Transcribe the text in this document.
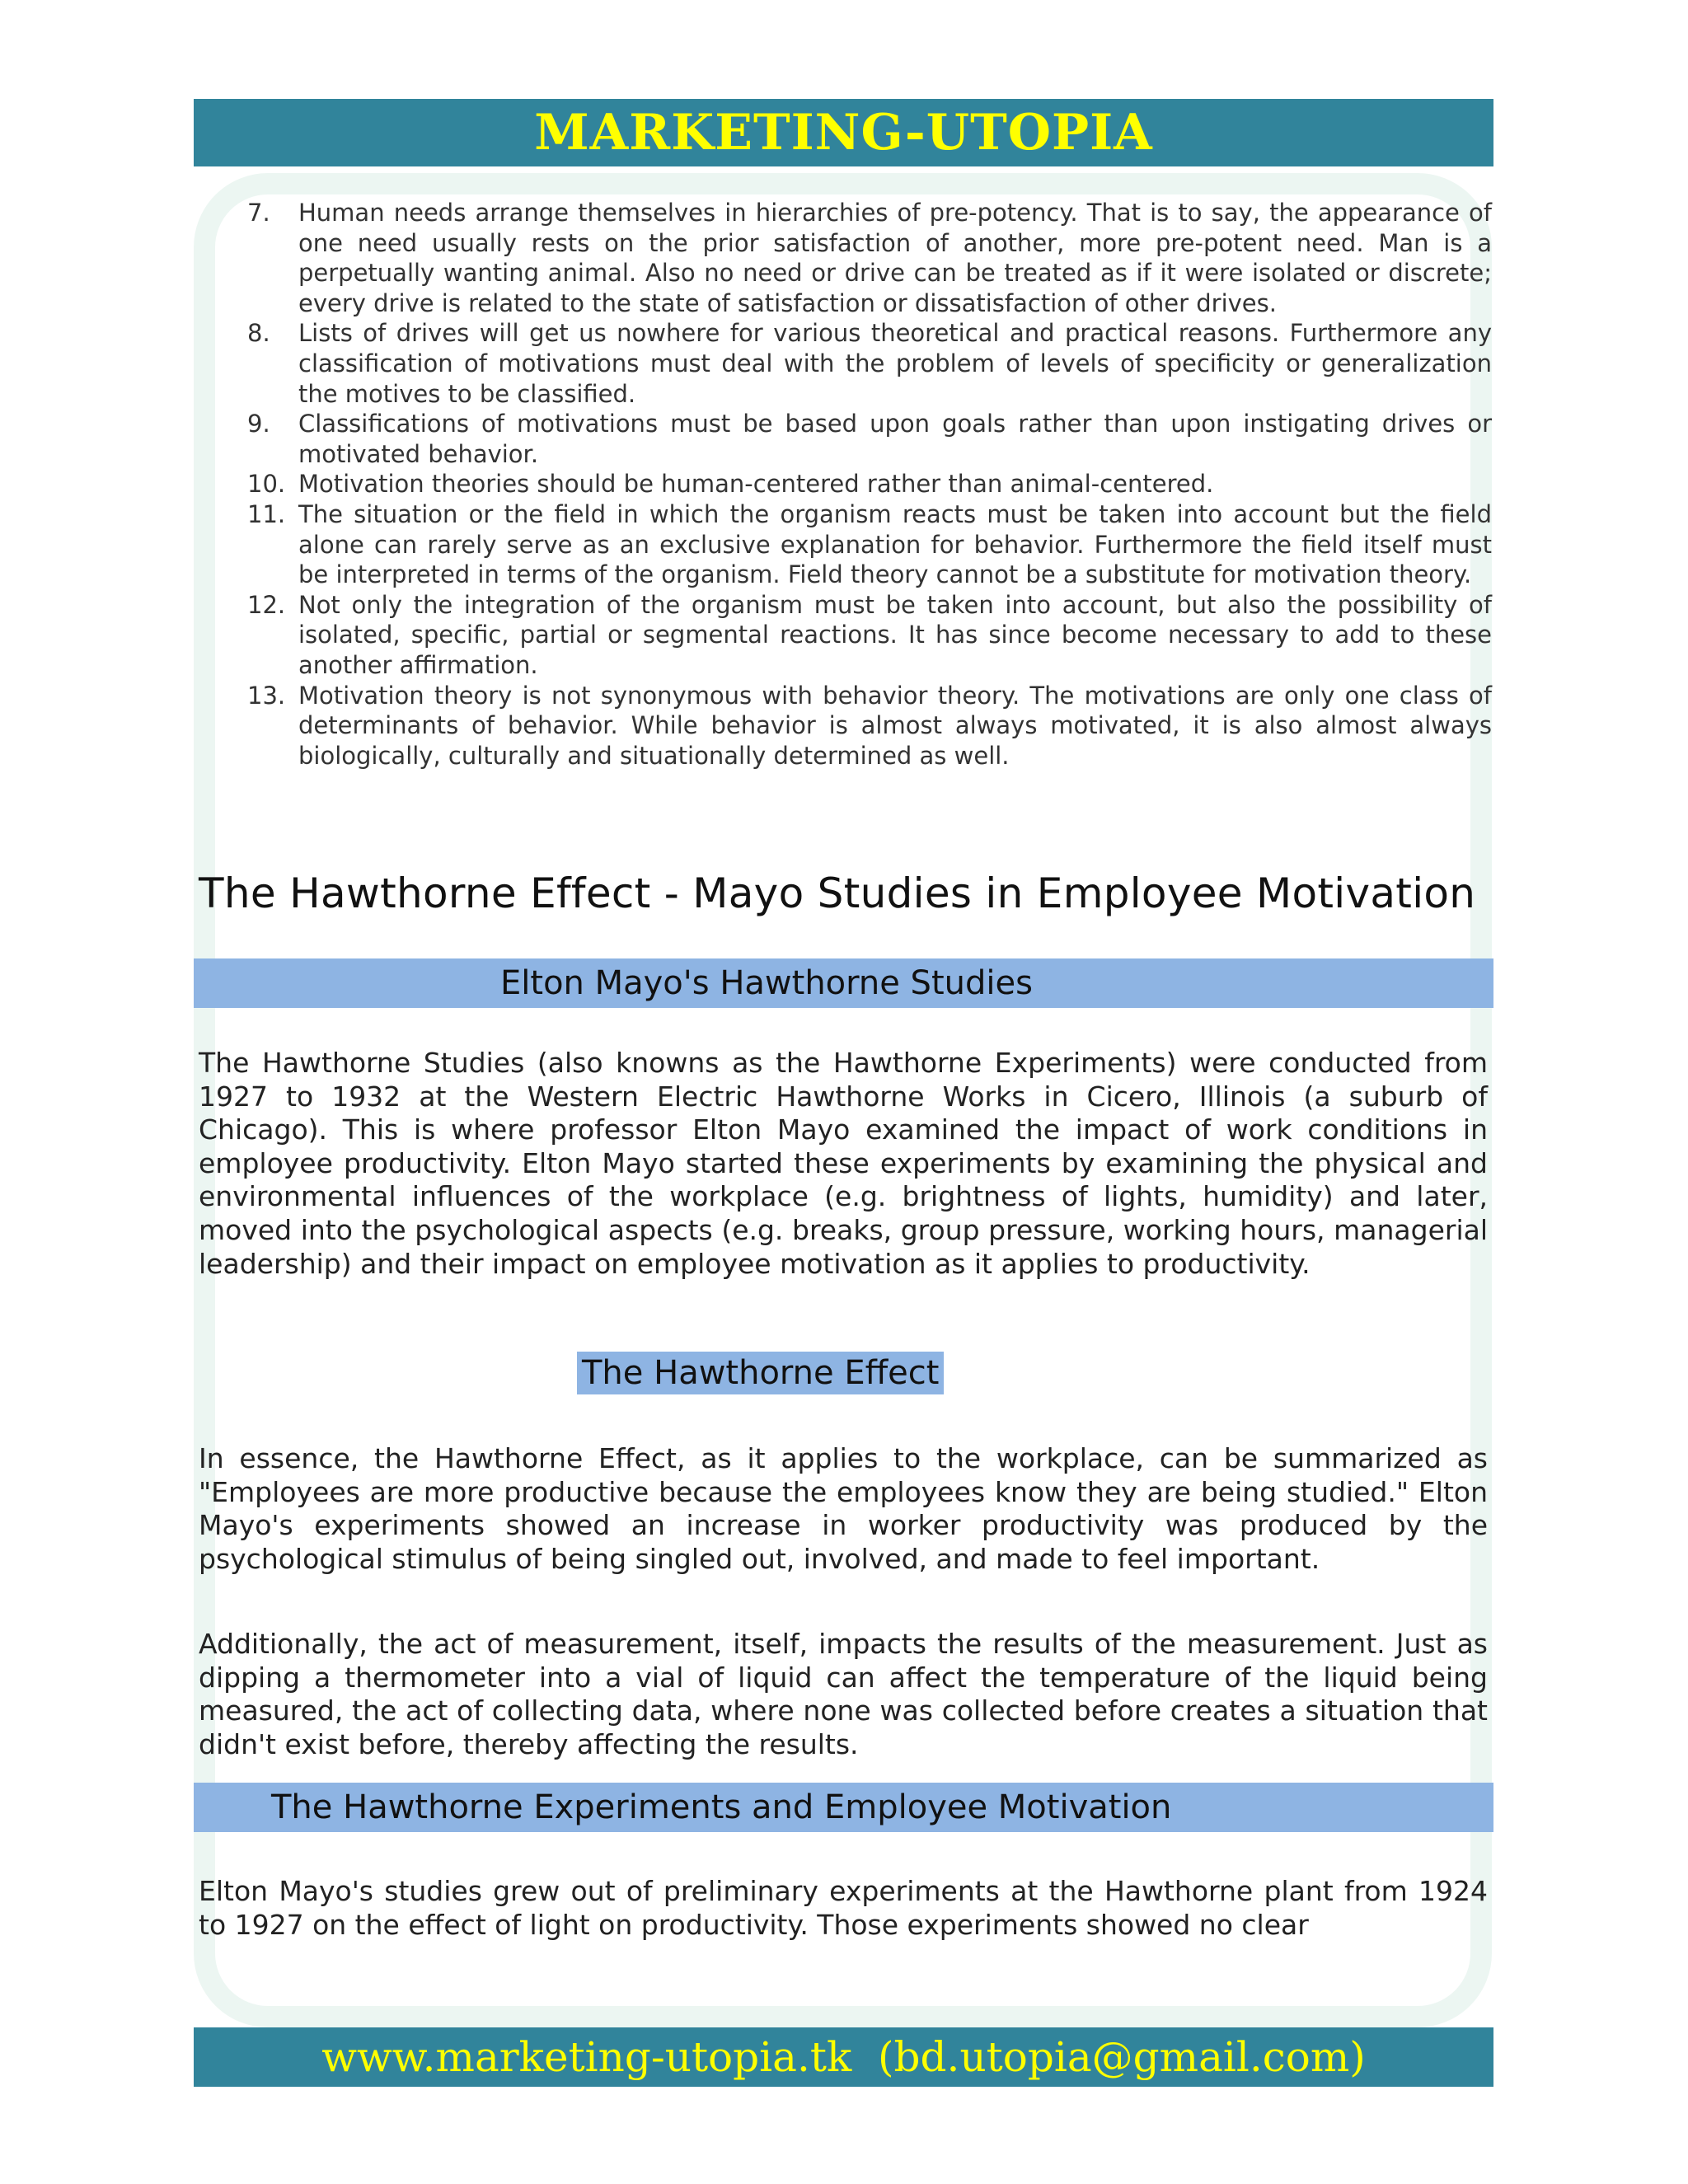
MARKETING-UTOPIA
7. Human needs arrange themselves in hierarchies of pre-potency. That is to say, the appearance of one need usually rests on the prior satisfaction of another, more pre-potent need. Man is a perpetually wanting animal. Also no need or drive can be treated as if it were isolated or discrete; every drive is related to the state of satisfaction or dissatisfaction of other drives.
8. Lists of drives will get us nowhere for various theoretical and practical reasons. Furthermore any classification of motivations must deal with the problem of levels of specificity or generalization the motives to be classified.
9. Classifications of motivations must be based upon goals rather than upon instigating drives or motivated behavior.
10. Motivation theories should be human-centered rather than animal-centered.
11. The situation or the field in which the organism reacts must be taken into account but the field alone can rarely serve as an exclusive explanation for behavior. Furthermore the field itself must be interpreted in terms of the organism. Field theory cannot be a substitute for motivation theory.
12. Not only the integration of the organism must be taken into account, but also the possibility of isolated, specific, partial or segmental reactions. It has since become necessary to add to these another affirmation.
13. Motivation theory is not synonymous with behavior theory. The motivations are only one class of determinants of behavior. While behavior is almost always motivated, it is also almost always biologically, culturally and situationally determined as well.
The Hawthorne Effect - Mayo Studies in Employee Motivation
Elton Mayo's Hawthorne Studies

The Hawthorne Studies (also knowns as the Hawthorne Experiments) were conducted from 1927 to 1932 at the Western Electric Hawthorne Works in Cicero, Illinois (a suburb of Chicago). This is where professor Elton Mayo examined the impact of work conditions in employee productivity. Elton Mayo started these experiments by examining the physical and environmental influences of the workplace (e.g. brightness of lights, humidity) and later, moved into the psychological aspects (e.g. breaks, group pressure, working hours, managerial leadership) and their impact on employee motivation as it applies to productivity.

The Hawthorne Effect

In essence, the Hawthorne Effect, as it applies to the workplace, can be summarized as "Employees are more productive because the employees know they are being studied." Elton Mayo's experiments showed an increase in worker productivity was produced by the psychological stimulus of being singled out, involved, and made to feel important.

Additionally, the act of measurement, itself, impacts the results of the measurement. Just as dipping a thermometer into a vial of liquid can affect the temperature of the liquid being measured, the act of collecting data, where none was collected before creates a situation that didn't exist before, thereby affecting the results.

The Hawthorne Experiments and Employee Motivation

Elton Mayo's studies grew out of preliminary experiments at the Hawthorne plant from 1924 to 1927 on the effect of light on productivity. Those experiments showed no clear

www.marketing-utopia.tk  (bd.utopia@gmail.com)
